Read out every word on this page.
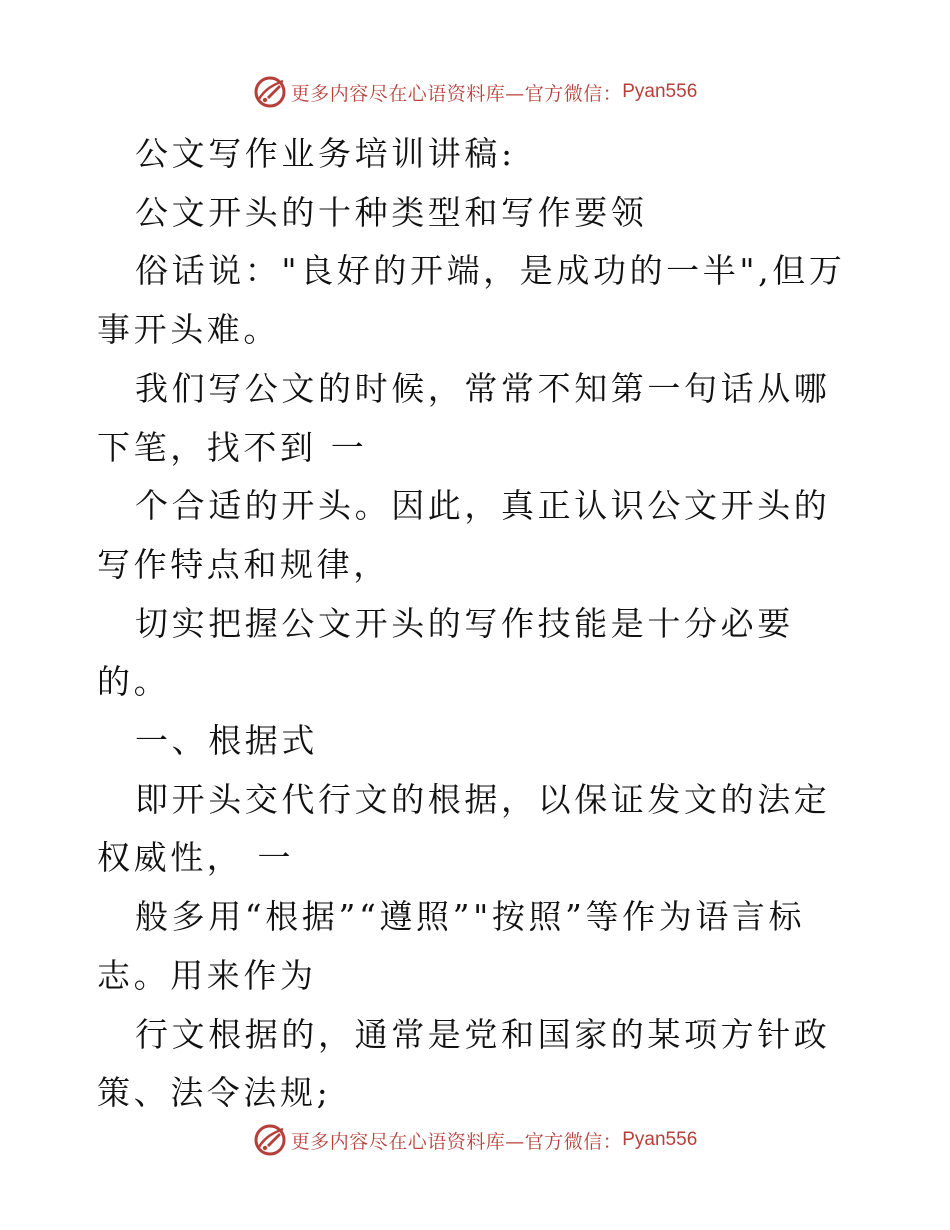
更多内容尽在心语资料库—官方微信： Pyan556

公文写作业务培训讲稿:

公文开头的十种类型和写作要领

俗话说："良好的开端，是成功的一半",但万事开头难。

我们写公文的时候，常常不知第一句话从哪下笔，找不到 一

个合适的开头。因此，真正认识公文开头的写作特点和规律，

切实把握公文开头的写作技能是十分必要的。

一、根据式

即开头交代行文的根据，以保证发文的法定权威性， 一

般多用“根据”“遵照”"按照”等作为语言标志。用来作为

行文根据的，通常是党和国家的某项方针政策、法令法规;

更多内容尽在心语资料库—官方微信： Pyan556
